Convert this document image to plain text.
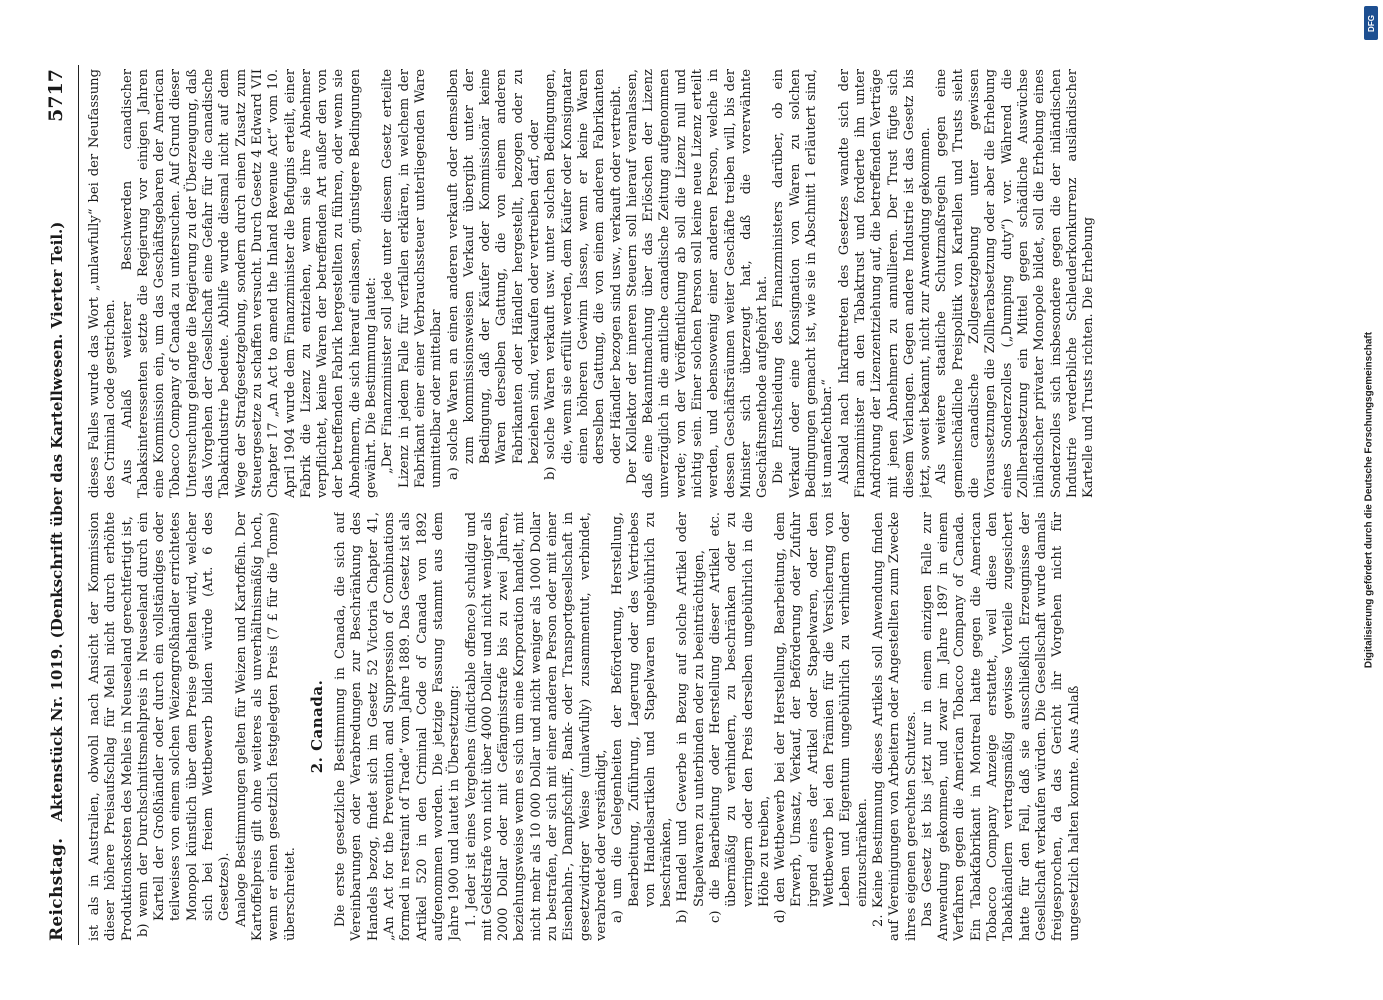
Reichstag.
Aktenstück Nr. 1019. (Denkschrift über das Kartellwesen. Vierter Teil.)
5717

ist als in Australien, obwohl nach Ansicht der Kommission dieser höhere Preisaufschlag für Mehl nicht durch erhöhte Produktionskosten des Mehles in Neuseeland gerechtfertigt ist, b) wenn der Durchschnittsmehlpreis in Neuseeland durch ein Kartell der Großhändler oder durch ein vollständiges oder teilweises von einem solchen Weizengroßhändler errichtetes Monopol künstlich über dem Preise gehalten wird, welcher sich bei freiem Wettbewerb bilden würde (Art. 6 des Gesetzes). Analoge Bestimmungen gelten für Weizen und Kartoffeln. Der Kartoffelpreis gilt ohne weiteres als unverhältnismäßig hoch, wenn er einen gesetzlich festgelegten Preis (7 £ für die Tonne) überschreitet.

2. Canada. Die erste gesetzliche Bestimmung in Canada, die sich auf Vereinbarungen oder Verabredungen zur Beschränkung des Handels bezog, findet sich im Gesetz 52 Victoria Chapter 41, „An Act for the Prevention and Suppression of Combinations formed in restraint of Trade“ vom Jahre 1889. Das Gesetz ist als Artikel 520 in den Criminal Code of Canada von 1892 aufgenommen worden. Die jetzige Fassung stammt aus dem Jahre 1900 und lautet in Übersetzung: 1. Jeder ist eines Vergehens (indictable offence) schuldig und mit Geldstrafe von nicht über 4000 Dollar und nicht weniger als 2000 Dollar oder mit Gefängnisstrafe bis zu zwei Jahren, beziehungsweise wenn es sich um eine Korporation handelt, mit nicht mehr als 10 000 Dollar und nicht weniger als 1000 Dollar zu bestrafen, der sich mit einer anderen Person oder mit einer Eisenbahn-, Dampfschiff-, Bank- oder Transportgesellschaft in gesetzwidriger Weise (unlawfully) zusammentut, verbindet, verabredet oder verständigt, a) um die Gelegenheiten der Beförderung, Herstellung, Bearbeitung, Zuführung, Lagerung oder des Vertriebes von Handelsartikeln und Stapelwaren ungebührlich zu beschränken, b) Handel und Gewerbe in Bezug auf solche Artikel oder Stapelwaren zu unterbinden oder zu beeinträchtigen, c) die Bearbeitung oder Herstellung dieser Artikel etc. übermäßig zu verhindern, zu beschränken oder zu verringern oder den Preis derselben ungebührlich in die Höhe zu treiben, d) den Wettbewerb bei der Herstellung, Bearbeitung, dem Erwerb, Umsatz, Verkauf, der Beförderung oder Zufuhr irgend eines der Artikel oder Stapelwaren, oder den Wettbewerb bei den Prämien für die Versicherung von Leben und Eigentum ungebührlich zu verhindern oder einzuschränken. 2. Keine Bestimmung dieses Artikels soll Anwendung finden auf Vereinigungen von Arbeitern oder Angestellten zum Zwecke ihres eigenen gerechten Schutzes. Das Gesetz ist bis jetzt nur in einem einzigen Falle zur Anwendung gekommen, und zwar im Jahre 1897 in einem Verfahren gegen die American Tobacco Company of Canada. Ein Tabakfabrikant in Montreal hatte gegen die American Tobacco Company Anzeige erstattet, weil diese den Tabakhändlern vertragsmäßig gewisse Vorteile zugesichert hatte für den Fall, daß sie ausschließlich Erzeugnisse der Gesellschaft verkaufen würden. Die Gesellschaft wurde damals freigesprochen, da das Gericht ihr Vorgehen nicht für ungesetzlich halten konnte. Aus Anlaß

dieses Falles wurde das Wort „unlawfully“ bei der Neufassung des Criminal code gestrichen. Aus Anlaß weiterer Beschwerden canadischer Tabaksinteressenten setzte die Regierung vor einigen Jahren eine Kommission ein, um das Geschäftsgebaren der American Tobacco Company of Canada zu untersuchen. Auf Grund dieser Untersuchung gelangte die Regierung zu der Überzeugung, daß das Vorgehen der Gesellschaft eine Gefahr für die canadische Tabakindustrie bedeute. Abhilfe wurde diesmal nicht auf dem Wege der Strafgesetzgebung, sondern durch einen Zusatz zum Steuergesetze zu schaffen versucht. Durch Gesetz 4 Edward VII Chapter 17 „An Act to amend the Inland Revenue Act“ vom 10. April 1904 wurde dem Finanzminister die Befugnis erteilt, einer Fabrik die Lizenz zu entziehen, wenn sie ihre Abnehmer verpflichtet, keine Waren der betreffenden Art außer den von der betreffenden Fabrik hergestellten zu führen, oder wenn sie Abnehmern, die sich hierauf einlassen, günstigere Bedingungen gewährt. Die Bestimmung lautet: „Der Finanzminister soll jede unter diesem Gesetz erteilte Lizenz in jedem Falle für verfallen erklären, in welchem der Fabrikant einer einer Verbrauchssteuer unterliegenden Ware unmittelbar oder mittelbar a) solche Waren an einen anderen verkauft oder demselben zum kommissionsweisen Verkauf übergibt unter der Bedingung, daß der Käufer oder Kommissionär keine Waren derselben Gattung, die von einem anderen Fabrikanten oder Händler hergestellt, bezogen oder zu beziehen sind, verkaufen oder vertreiben darf, oder b) solche Waren verkauft usw. unter solchen Bedingungen, die, wenn sie erfüllt werden, dem Käufer oder Konsignatar einen höheren Gewinn lassen, wenn er keine Waren derselben Gattung, die von einem anderen Fabrikanten oder Händler bezogen sind usw., verkauft oder vertreibt. Der Kollektor der inneren Steuern soll hierauf veranlassen, daß eine Bekanntmachung über das Erlöschen der Lizenz unverzüglich in die amtliche canadische Zeitung aufgenommen werde; von der Veröffentlichung ab soll die Lizenz null und nichtig sein. Einer solchen Person soll keine neue Lizenz erteilt werden, und ebensowenig einer anderen Person, welche in dessen Geschäftsräumen weiter Geschäfte treiben will, bis der Minister sich überzeugt hat, daß die vorerwähnte Geschäftsmethode aufgehört hat. Die Entscheidung des Finanzministers darüber, ob ein Verkauf oder eine Konsignation von Waren zu solchen Bedingungen gemacht ist, wie sie in Abschnitt 1 erläutert sind, ist unanfechtbar.“ Alsbald nach Inkrafttreten des Gesetzes wandte sich der Finanzminister an den Tabaktrust und forderte ihn unter Androhung der Lizenzentziehung auf, die betreffenden Verträge mit jenen Abnehmern zu annullieren. Der Trust fügte sich diesem Verlangen. Gegen andere Industrie ist das Gesetz bis jetzt, soweit bekannt, nicht zur Anwendung gekommen. Als weitere staatliche Schutzmaßregeln gegen eine gemeinschädliche Preispolitik von Kartellen und Trusts sieht die canadische Zollgesetzgebung unter gewissen Voraussetzungen die Zollherabsetzung oder aber die Erhebung eines Sonderzolles („Dumping duty“) vor. Während die Zollherabsetzung ein Mittel gegen schädliche Auswüchse inländischer privater Monopole bildet, soll die Erhebung eines Sonderzolles sich insbesondere gegen die der inländischen Industrie verderbliche Schleuderkonkurrenz ausländischer Kartelle und Trusts richten. Die Erhebung

DFG
Digitalisierung gefördert durch die Deutsche Forschungsgemeinschaft
